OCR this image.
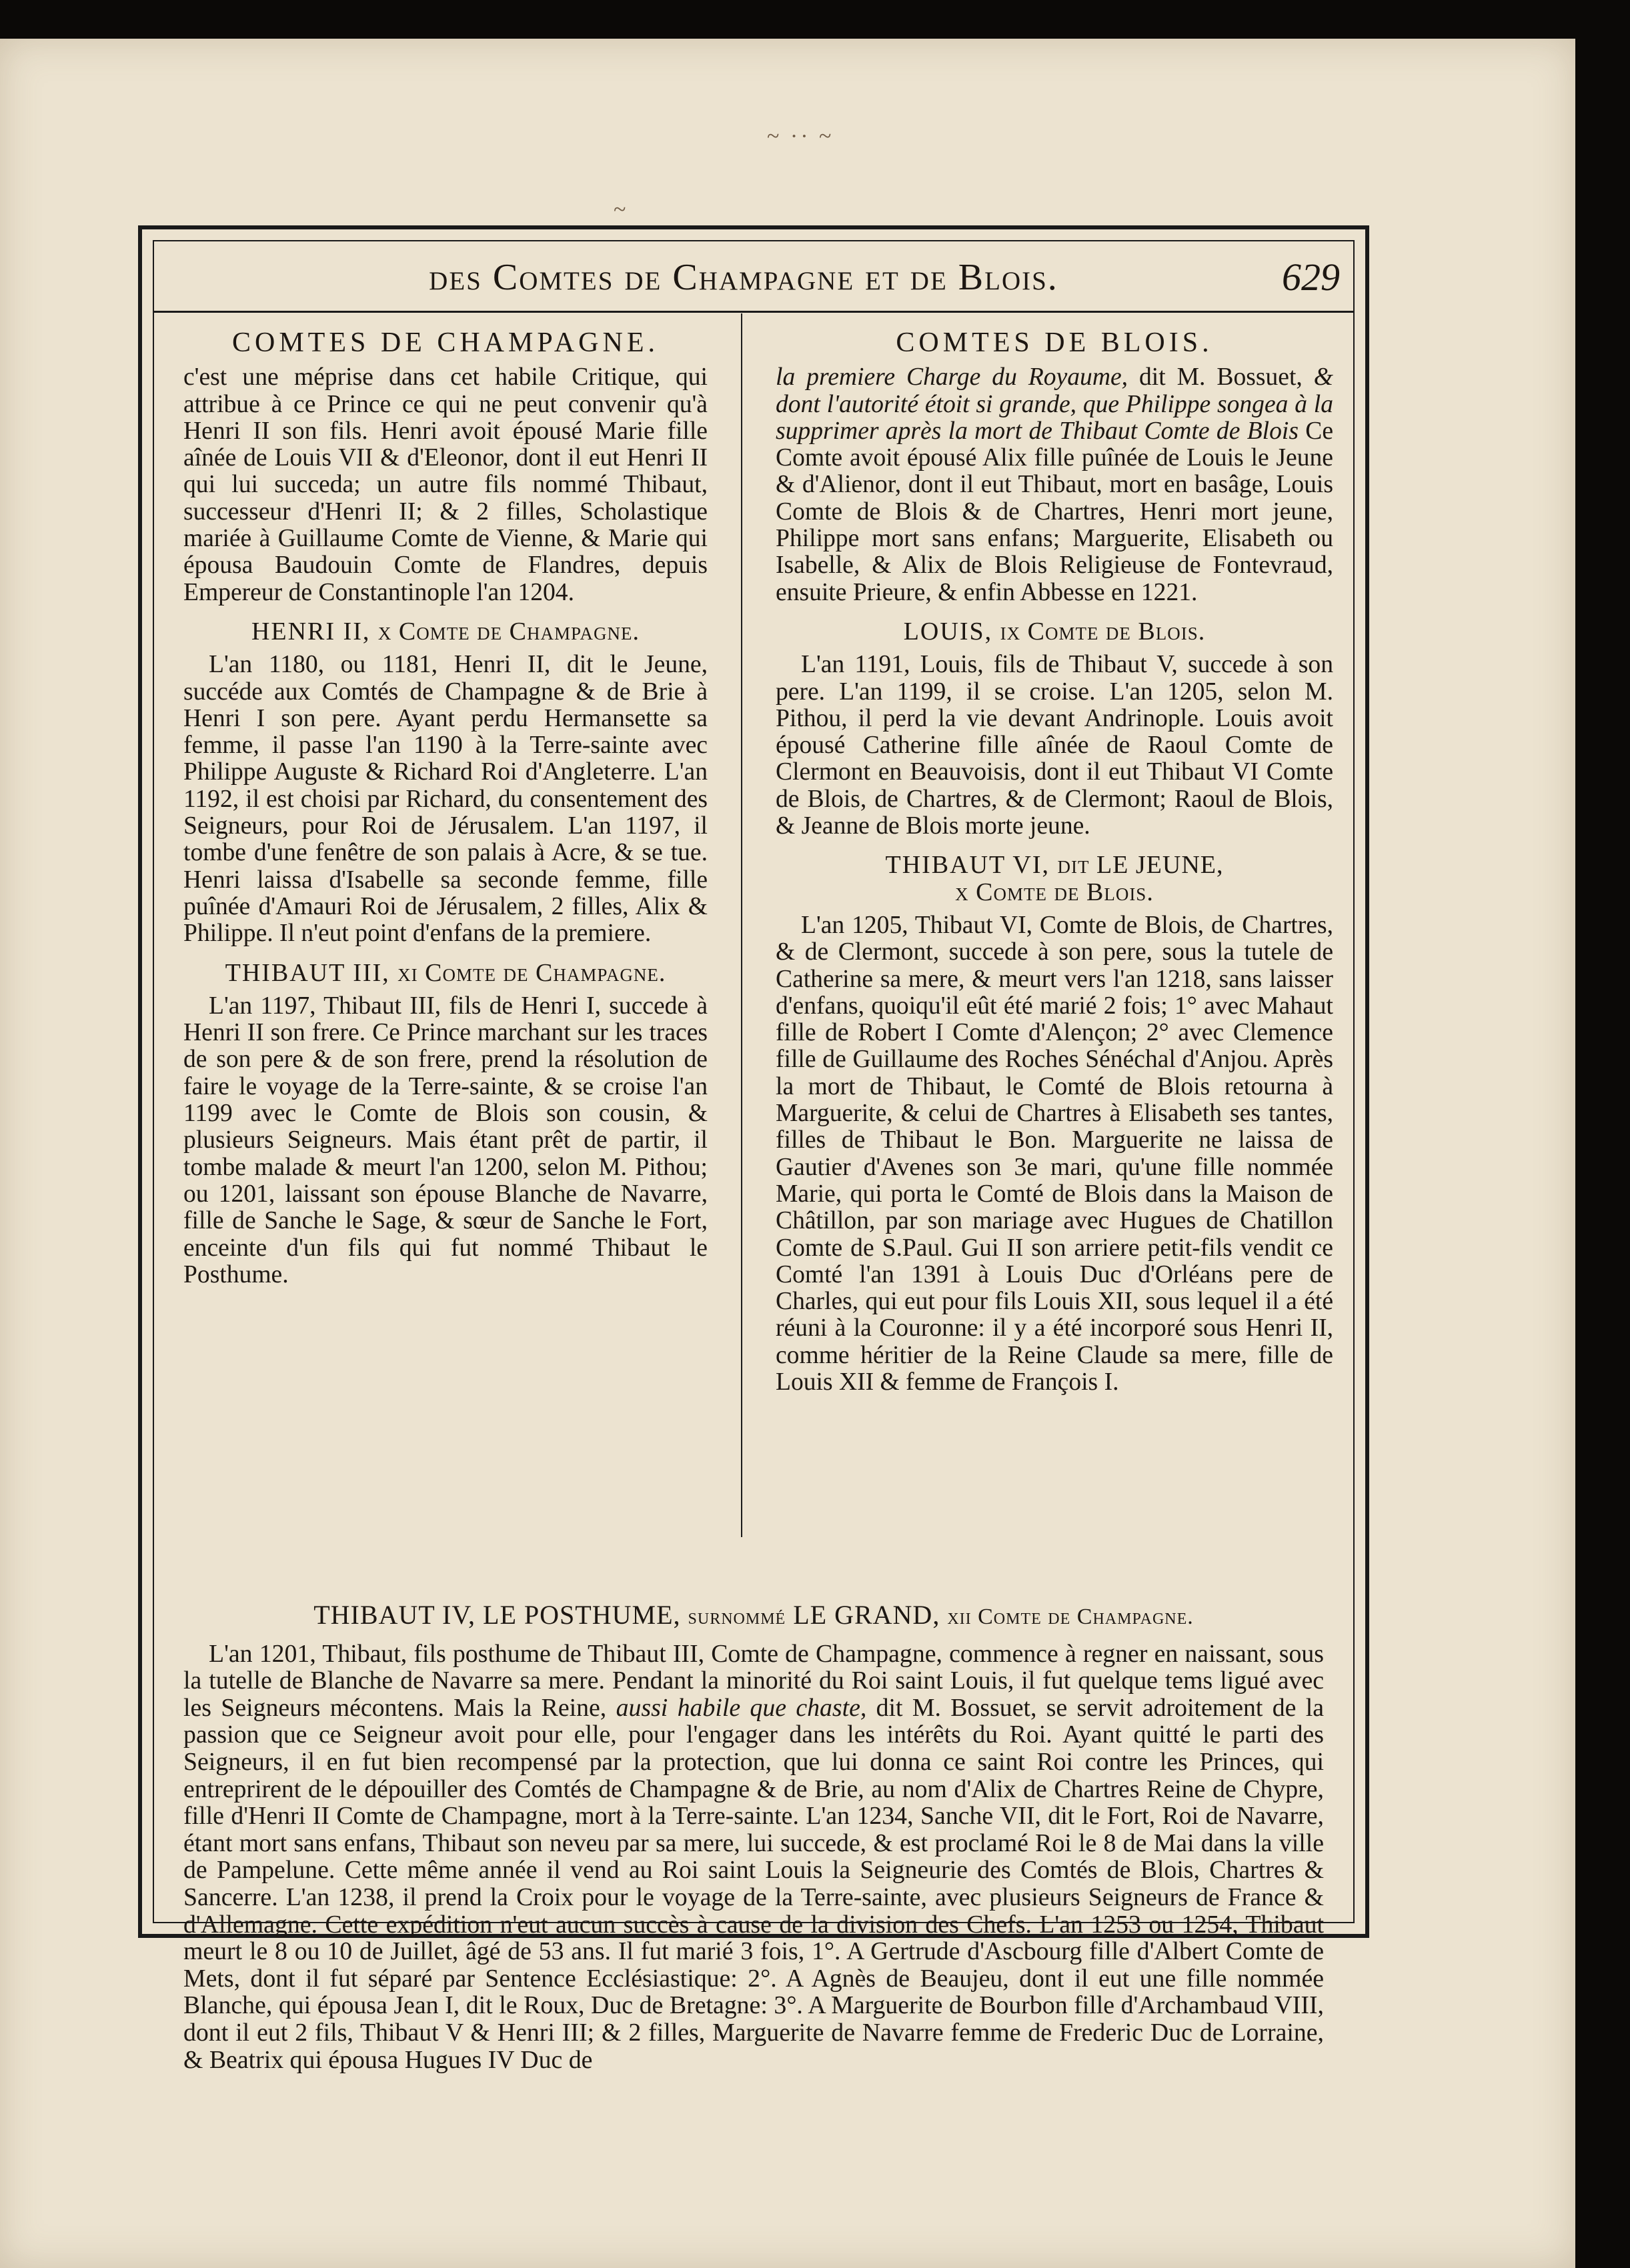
~ ·· ~
~
des Comtes de Champagne et de Blois.	629
COMTES DE CHAMPAGNE.

c'est une méprise dans cet habile Critique, qui attribue à ce Prince ce qui ne peut convenir qu'à Henri II son fils. Henri avoit épousé Marie fille aînée de Louis VII & d'Eleonor, dont il eut Henri II qui lui succeda; un autre fils nommé Thibaut, successeur d'Henri II; & 2 filles, Scholastique mariée à Guillaume Comte de Vienne, & Marie qui épousa Baudouin Comte de Flandres, depuis Empereur de Constantinople l'an 1204.

HENRI II, x Comte de Champagne.

L'an 1180, ou 1181, Henri II, dit le Jeune, succéde aux Comtés de Champagne & de Brie à Henri I son pere. Ayant perdu Hermansette sa femme, il passe l'an 1190 à la Terre-sainte avec Philippe Auguste & Richard Roi d'Angleterre. L'an 1192, il est choisi par Richard, du consentement des Seigneurs, pour Roi de Jérusalem. L'an 1197, il tombe d'une fenêtre de son palais à Acre, & se tue. Henri laissa d'Isabelle sa seconde femme, fille puînée d'Amauri Roi de Jérusalem, 2 filles, Alix & Philippe. Il n'eut point d'enfans de la premiere.

THIBAUT III, xi Comte de Champagne.

L'an 1197, Thibaut III, fils de Henri I, succede à Henri II son frere. Ce Prince marchant sur les traces de son pere & de son frere, prend la résolution de faire le voyage de la Terre-sainte, & se croise l'an 1199 avec le Comte de Blois son cousin, & plusieurs Seigneurs. Mais étant prêt de partir, il tombe malade & meurt l'an 1200, selon M. Pithou; ou 1201, laissant son épouse Blanche de Navarre, fille de Sanche le Sage, & sœur de Sanche le Fort, enceinte d'un fils qui fut nommé Thibaut le Posthume.

COMTES DE BLOIS.

la premiere Charge du Royaume, dit M. Bossuet, & dont l'autorité étoit si grande, que Philippe songea à la supprimer après la mort de Thibaut Comte de Blois Ce Comte avoit épousé Alix fille puînée de Louis le Jeune & d'Alienor, dont il eut Thibaut, mort en basâge, Louis Comte de Blois & de Chartres, Henri mort jeune, Philippe mort sans enfans; Marguerite, Elisabeth ou Isabelle, & Alix de Blois Religieuse de Fontevraud, ensuite Prieure, & enfin Abbesse en 1221.

LOUIS, ix Comte de Blois.

L'an 1191, Louis, fils de Thibaut V, succede à son pere. L'an 1199, il se croise. L'an 1205, selon M. Pithou, il perd la vie devant Andrinople. Louis avoit épousé Catherine fille aînée de Raoul Comte de Clermont en Beauvoisis, dont il eut Thibaut VI Comte de Blois, de Chartres, & de Clermont; Raoul de Blois, & Jeanne de Blois morte jeune.

THIBAUT VI, dit LE JEUNE,
x Comte de Blois.

L'an 1205, Thibaut VI, Comte de Blois, de Chartres, & de Clermont, succede à son pere, sous la tutele de Catherine sa mere, & meurt vers l'an 1218, sans laisser d'enfans, quoiqu'il eût été marié 2 fois; 1° avec Mahaut fille de Robert I Comte d'Alençon; 2° avec Clemence fille de Guillaume des Roches Sénéchal d'Anjou. Après la mort de Thibaut, le Comté de Blois retourna à Marguerite, & celui de Chartres à Elisabeth ses tantes, filles de Thibaut le Bon. Marguerite ne laissa de Gautier d'Avenes son 3e mari, qu'une fille nommée Marie, qui porta le Comté de Blois dans la Maison de Châtillon, par son mariage avec Hugues de Chatillon Comte de S.Paul. Gui II son arriere petit-fils vendit ce Comté l'an 1391 à Louis Duc d'Orléans pere de Charles, qui eut pour fils Louis XII, sous lequel il a été réuni à la Couronne: il y a été incorporé sous Henri II, comme héritier de la Reine Claude sa mere, fille de Louis XII & femme de François I.

THIBAUT IV, LE POSTHUME, surnommé LE GRAND, xii Comte de Champagne.

L'an 1201, Thibaut, fils posthume de Thibaut III, Comte de Champagne, commence à regner en naissant, sous la tutelle de Blanche de Navarre sa mere. Pendant la minorité du Roi saint Louis, il fut quelque tems ligué avec les Seigneurs mécontens. Mais la Reine, aussi habile que chaste, dit M. Bossuet, se servit adroitement de la passion que ce Seigneur avoit pour elle, pour l'engager dans les intérêts du Roi. Ayant quitté le parti des Seigneurs, il en fut bien recompensé par la protection, que lui donna ce saint Roi contre les Princes, qui entreprirent de le dépouiller des Comtés de Champagne & de Brie, au nom d'Alix de Chartres Reine de Chypre, fille d'Henri II Comte de Champagne, mort à la Terre-sainte. L'an 1234, Sanche VII, dit le Fort, Roi de Navarre, étant mort sans enfans, Thibaut son neveu par sa mere, lui succede, & est proclamé Roi le 8 de Mai dans la ville de Pampelune. Cette même année il vend au Roi saint Louis la Seigneurie des Comtés de Blois, Chartres & Sancerre. L'an 1238, il prend la Croix pour le voyage de la Terre-sainte, avec plusieurs Seigneurs de France & d'Allemagne. Cette expédition n'eut aucun succès à cause de la division des Chefs. L'an 1253 ou 1254, Thibaut meurt le 8 ou 10 de Juillet, âgé de 53 ans. Il fut marié 3 fois, 1°. A Gertrude d'Ascbourg fille d'Albert Comte de Mets, dont il fut séparé par Sentence Ecclésiastique: 2°. A Agnès de Beaujeu, dont il eut une fille nommée Blanche, qui épousa Jean I, dit le Roux, Duc de Bretagne: 3°. A Marguerite de Bourbon fille d'Archambaud VIII, dont il eut 2 fils, Thibaut V & Henri III; & 2 filles, Marguerite de Navarre femme de Frederic Duc de Lorraine, & Beatrix qui épousa Hugues IV Duc de
